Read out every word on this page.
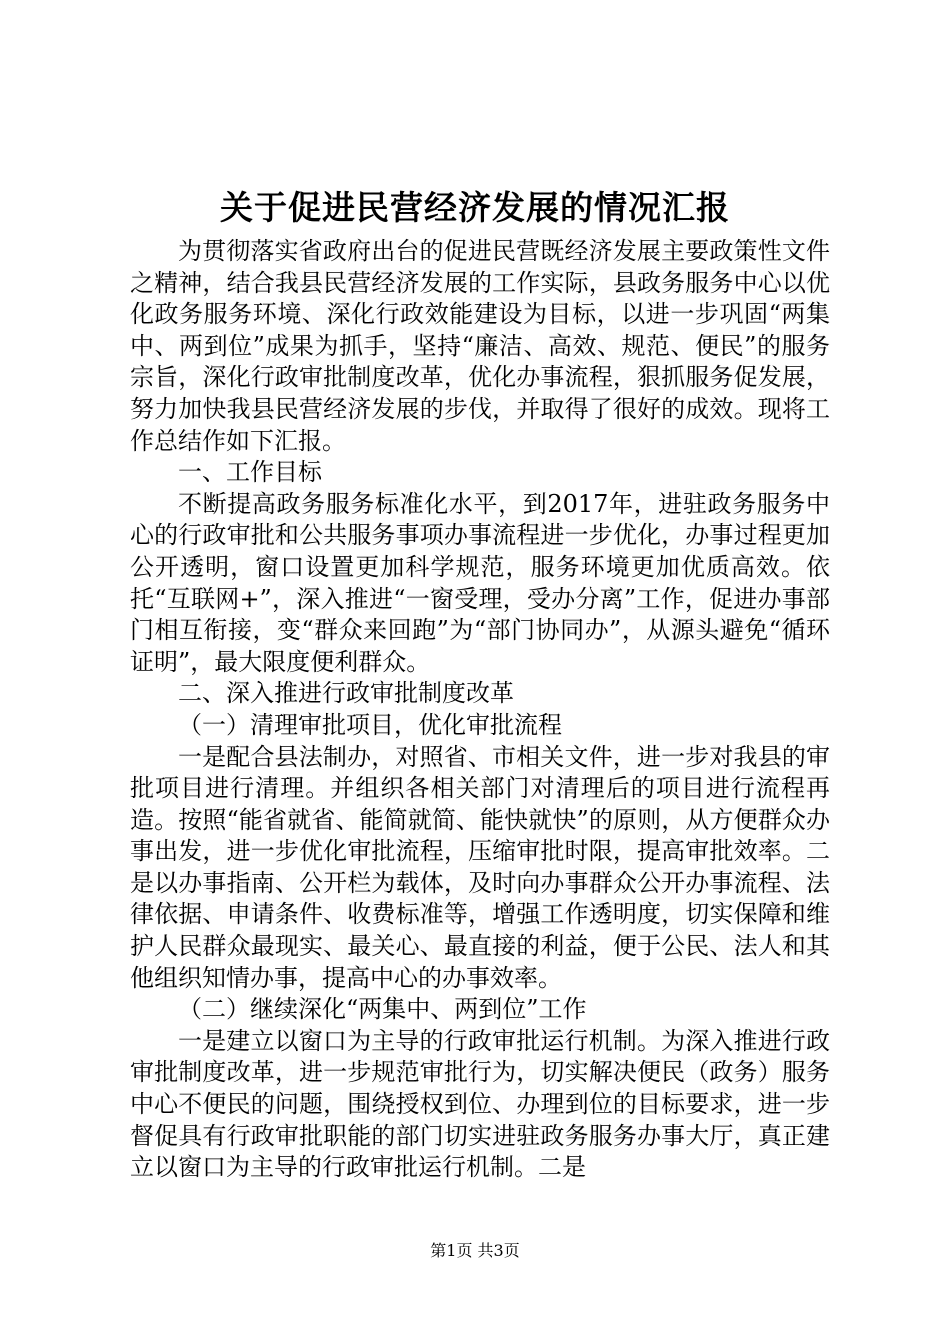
关于促进民营经济发展的情况汇报

为贯彻落实省政府出台的促进民营既经济发展主要政策性文件之精神，结合我县民营经济发展的工作实际，县政务服务中心以优化政务服务环境、深化行政效能建设为目标，以进一步巩固“两集中、两到位”成果为抓手，坚持“廉洁、高效、规范、便民”的服务宗旨，深化行政审批制度改革，优化办事流程，狠抓服务促发展，努力加快我县民营经济发展的步伐，并取得了很好的成效。现将工作总结作如下汇报。

一、工作目标

不断提高政务服务标准化水平，到2017年，进驻政务服务中心的行政审批和公共服务事项办事流程进一步优化，办事过程更加公开透明，窗口设置更加科学规范，服务环境更加优质高效。依托“互联网+”，深入推进“一窗受理，受办分离”工作，促进办事部门相互衔接，变“群众来回跑”为“部门协同办”，从源头避免“循环证明”，最大限度便利群众。

二、深入推进行政审批制度改革

（一）清理审批项目，优化审批流程

一是配合县法制办，对照省、市相关文件，进一步对我县的审批项目进行清理。并组织各相关部门对清理后的项目进行流程再造。按照“能省就省、能简就简、能快就快”的原则，从方便群众办事出发，进一步优化审批流程，压缩审批时限，提高审批效率。二是以办事指南、公开栏为载体，及时向办事群众公开办事流程、法律依据、申请条件、收费标准等，增强工作透明度，切实保障和维护人民群众最现实、最关心、最直接的利益，便于公民、法人和其他组织知情办事，提高中心的办事效率。

（二）继续深化“两集中、两到位”工作

一是建立以窗口为主导的行政审批运行机制。为深入推进行政审批制度改革，进一步规范审批行为，切实解决便民（政务）服务中心不便民的问题，围绕授权到位、办理到位的目标要求，进一步督促具有行政审批职能的部门切实进驻政务服务办事大厅，真正建立以窗口为主导的行政审批运行机制。二是

第1页 共3页
